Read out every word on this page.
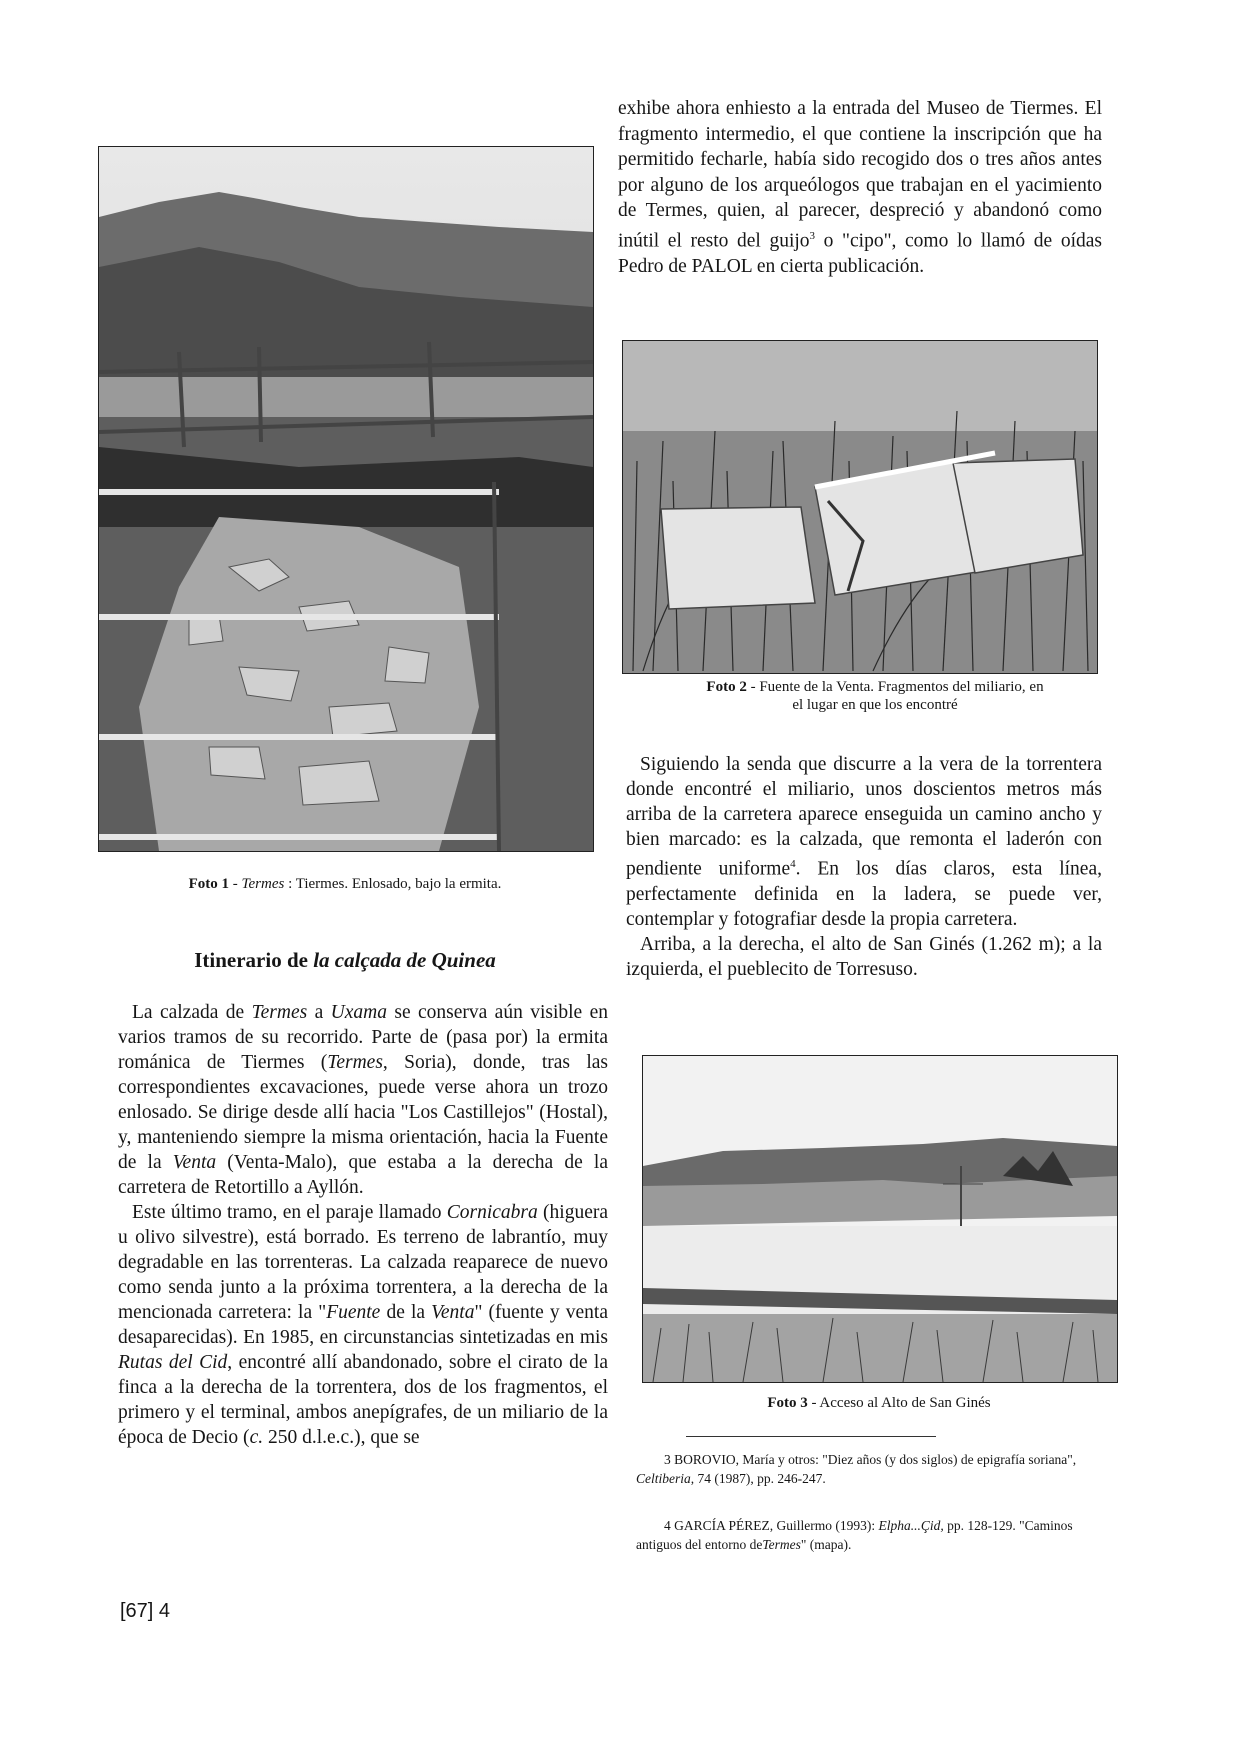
Foto 1 - Termes : Tiermes. Enlosado, bajo la ermita.
Itinerario de la calçada de Quinea

La calzada de Termes a Uxama se conserva aún visible en varios tramos de su recorrido. Parte de (pasa por) la ermita románica de Tiermes (Termes, Soria), donde, tras las correspondientes excavaciones, puede verse ahora un trozo enlosado. Se dirige desde allí hacia "Los Castillejos" (Hostal), y, manteniendo siempre la misma orientación, hacia la Fuente de la Venta (Venta-Malo), que estaba a la derecha de la carretera de Retortillo a Ayllón.

Este último tramo, en el paraje llamado Cornicabra (higuera u olivo silvestre), está borrado. Es terreno de labrantío, muy degradable en las torrenteras. La calzada reaparece de nuevo como senda junto a la próxima torrentera, a la derecha de la mencionada carretera: la "Fuente de la Venta" (fuente y venta desaparecidas). En 1985, en circunstancias sintetizadas en mis Rutas del Cid, encontré allí abandonado, sobre el cirato de la finca a la derecha de la torrentera, dos de los fragmentos, el primero y el terminal, ambos anepígrafes, de un miliario de la época de Decio (c. 250 d.l.e.c.), que se

exhibe ahora enhiesto a la entrada del Museo de Tiermes. El fragmento intermedio, el que contiene la inscripción que ha permitido fecharle, había sido recogido dos o tres años antes por alguno de los arqueólogos que trabajan en el yacimiento de Termes, quien, al parecer, despreció y abandonó como inútil el resto del guijo$^3$ o "cipo", como lo llamó de oídas Pedro de PALOL en cierta publicación.

Foto 2 - Fuente de la Venta. Fragmentos del miliario, en el lugar en que los encontré

Siguiendo la senda que discurre a la vera de la torrentera donde encontré el miliario, unos doscientos metros más arriba de la carretera aparece enseguida un camino ancho y bien marcado: es la calzada, que remonta el laderón con pendiente uniforme$^4$. En los días claros, esta línea, perfectamente definida en la ladera, se puede ver, contemplar y fotografiar desde la propia carretera.

Arriba, a la derecha, el alto de San Ginés (1.262 m); a la izquierda, el pueblecito de Torresuso.

Foto 3 - Acceso al Alto de San Ginés
3 BOROVIO, María y otros: "Diez años (y dos siglos) de epigrafía soriana", Celtiberia, 74 (1987), pp. 246-247.
4 GARCÍA PÉREZ, Guillermo (1993): Elpha...Çid, pp. 128-129. "Caminos antiguos del entorno deTermes" (mapa).
[67] 4
